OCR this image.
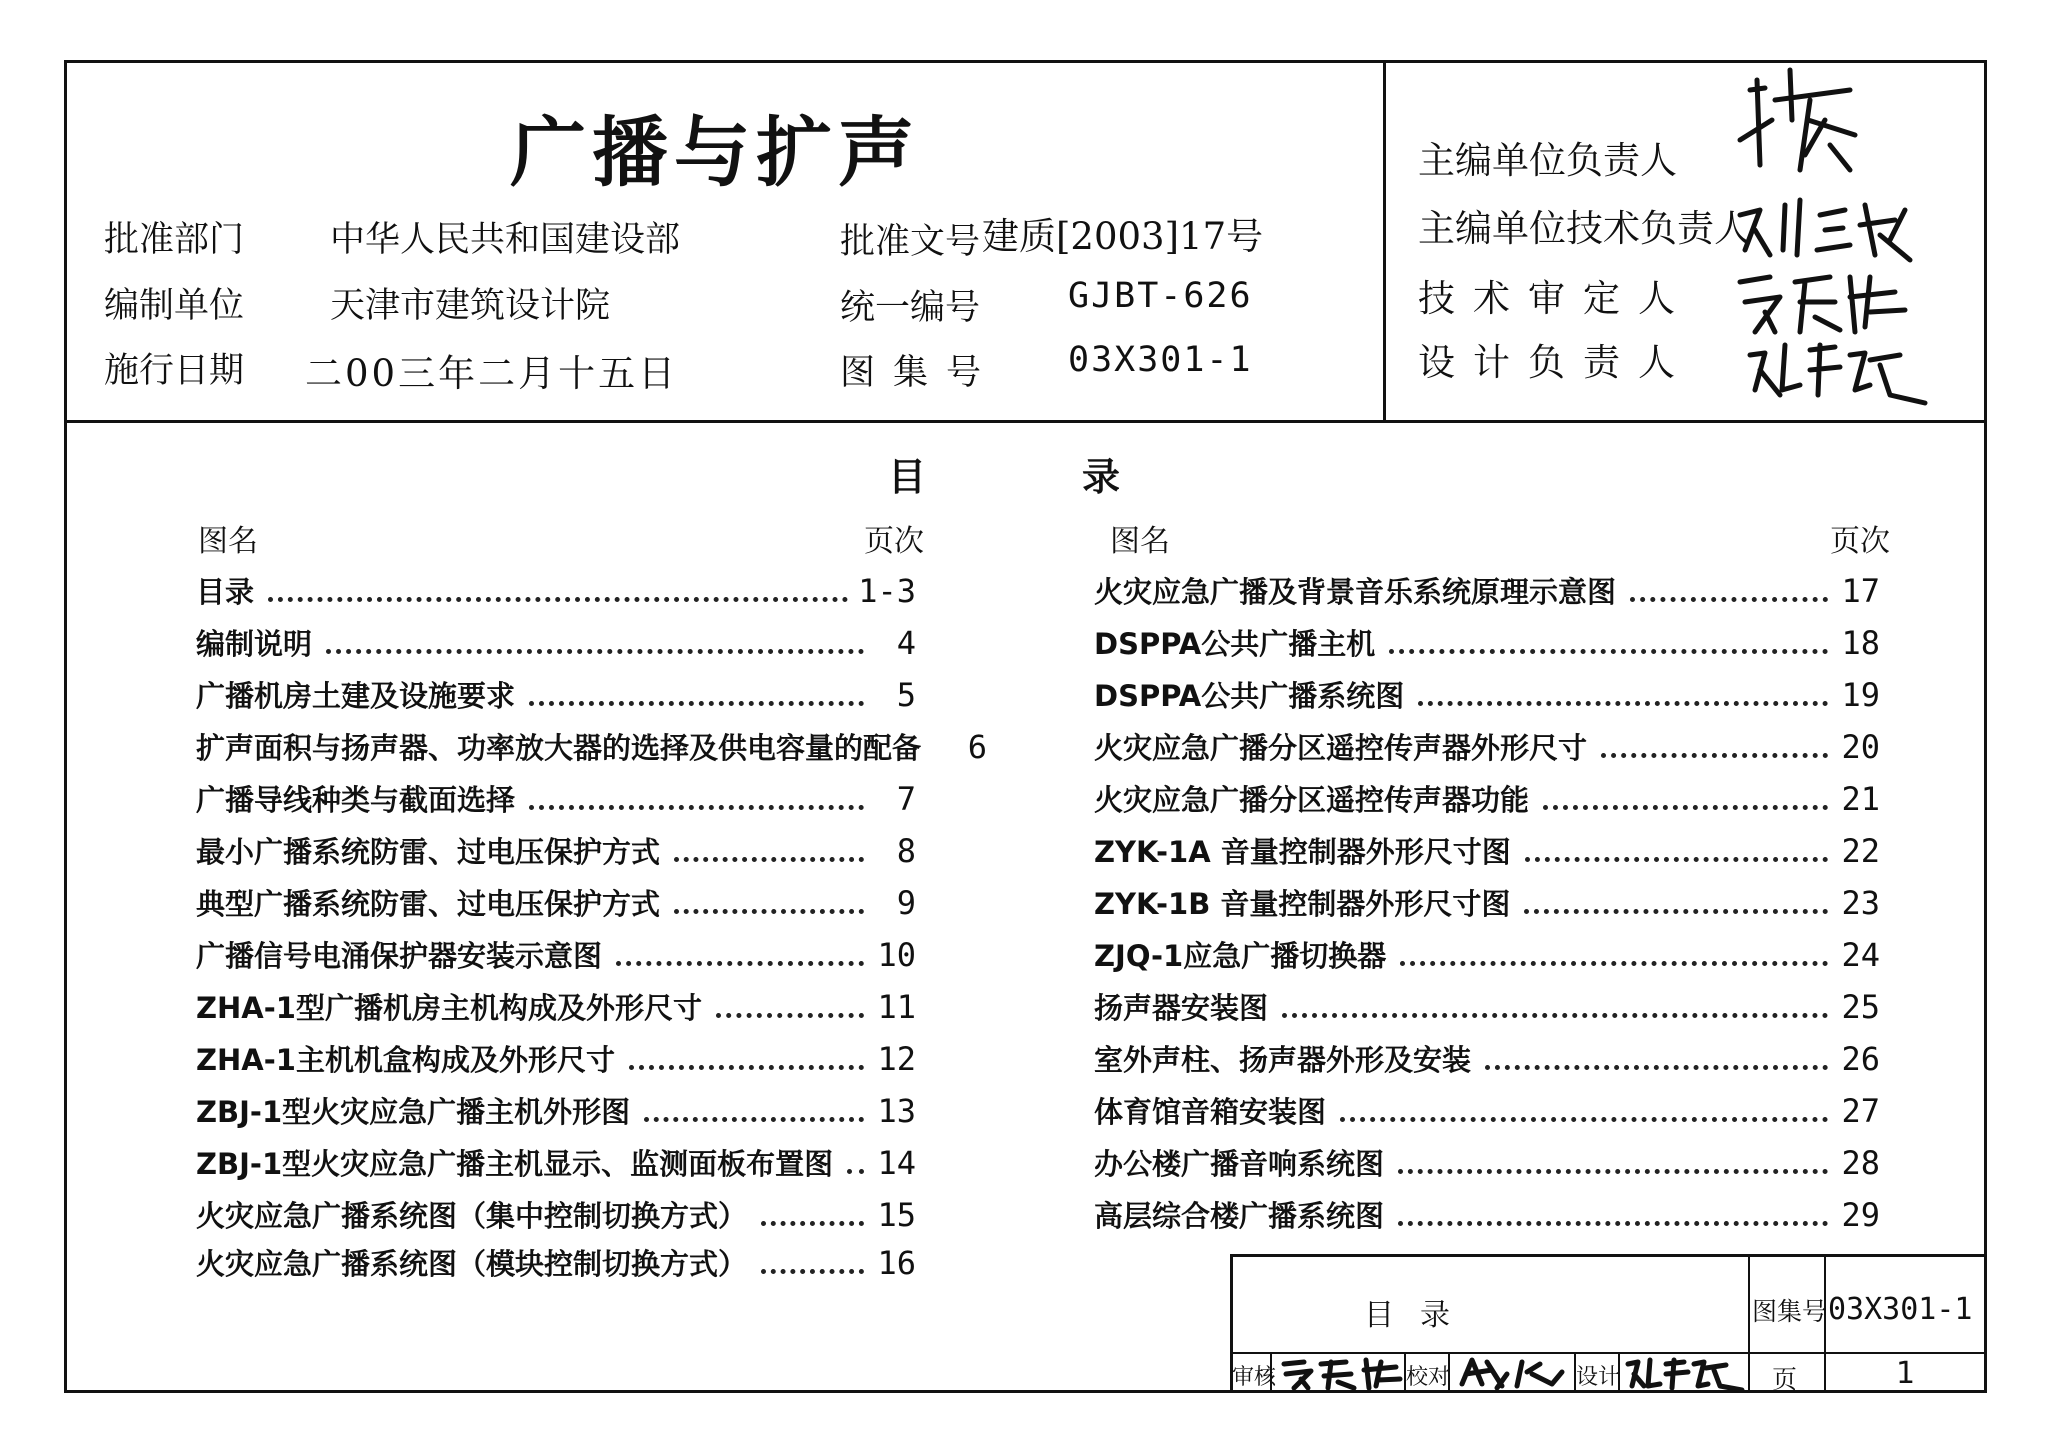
广播与扩声
批准部门 中华人民共和国建设部
编制单位 天津市建筑设计院
施行日期 二00三年二月十五日
批准文号 建质[2003]17号
统一编号	GJBT-626
图集号 03X301-1
主编单位负责人
主编单位技术负责人
技术审定人
设计负责人
目	录
图名	页次	图名	页次
目录	1-3
编制说明	4
广播机房土建及设施要求	5
扩声面积与扬声器、功率放大器的选择及供电容量的配备	6
广播导线种类与截面选择	7
最小广播系统防雷、过电压保护方式	8
典型广播系统防雷、过电压保护方式	9
广播信号电涌保护器安装示意图	10
ZHA-1型广播机房主机构成及外形尺寸	11
ZHA-1主机机盒构成及外形尺寸	12
ZBJ-1型火灾应急广播主机外形图	13
ZBJ-1型火灾应急广播主机显示、监测面板布置图 14
火灾应急广播系统图（集中控制切换方式）	15
火灾应急广播系统图（模块控制切换方式）	16
火灾应急广播及背景音乐系统原理示意图	17
DSPPA公共广播主机	18
DSPPA公共广播系统图	19
火灾应急广播分区遥控传声器外形尺寸	20
火灾应急广播分区遥控传声器功能	21
ZYK-1A 音量控制器外形尺寸图	22
ZYK-1B 音量控制器外形尺寸图	23
ZJQ-1应急广播切换器	24
扬声器安装图	25
室外声柱、扬声器外形及安装	26
体育馆音箱安装图	27
办公楼广播音响系统图	28
高层综合楼广播系统图	29
目 录	图集号 03X301-1
审核	校对	设计	页	1
